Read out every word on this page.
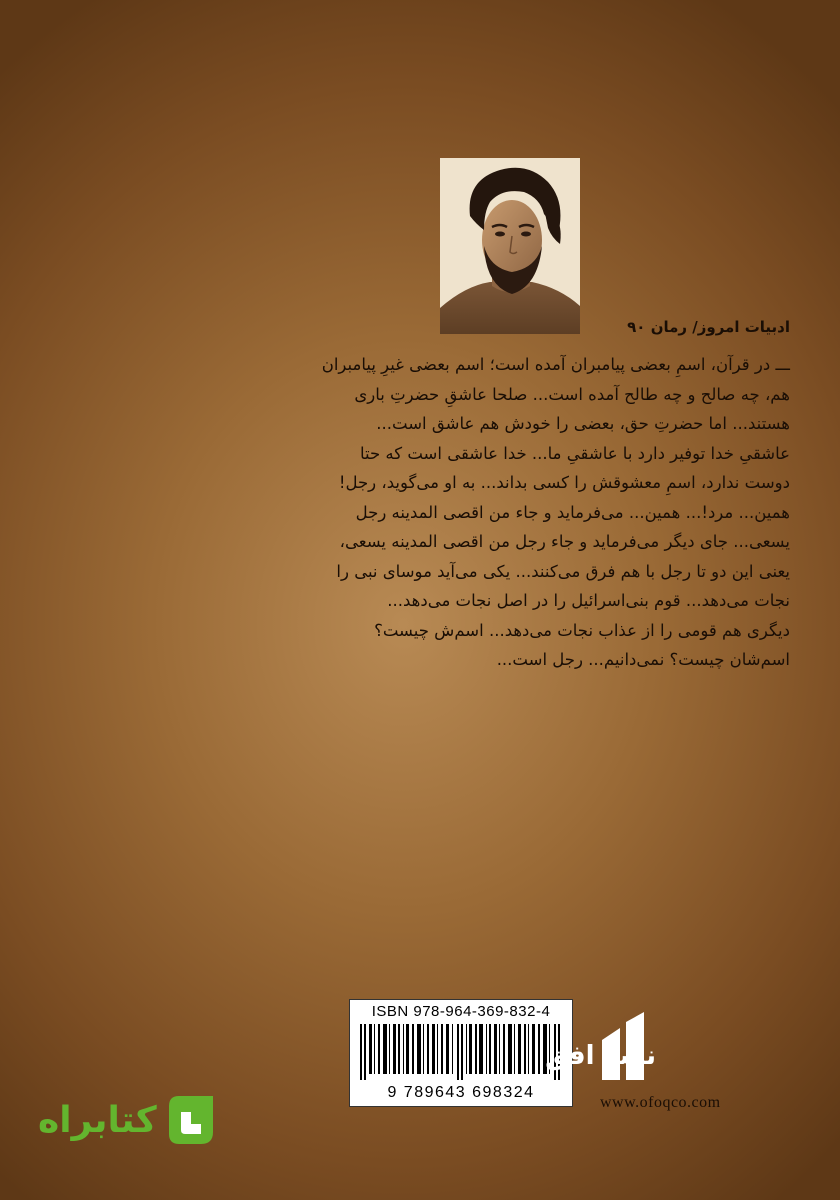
ادبیات امروز/ رمان ۹۰
ـــ در قرآن، اسمِ بعضی پیامبران آمده است؛ اسم بعضی غیرِ پیامبران
هم، چه صالح و چه طالح آمده است... صلحا عاشقِ حضرتِ باری
هستند... اما حضرتِ حق، بعضی را خودش هم عاشق است...
عاشقیِ خدا توفیر دارد با عاشقیِ ما... خدا عاشقی است که حتا
دوست ندارد، اسمِ معشوقش را کسی بداند... به او می‌گوید، رجل!
همین... مرد!... همین... می‌فرماید و جاء من اقصی المدینه رجل
یسعی... جای دیگر می‌فرماید و جاء رجل من اقصی المدینه یسعی،
یعنی این دو تا رجل با هم فرق می‌کنند... یکی می‌آید موسای نبی را
نجات می‌دهد... قوم بنی‌اسرائیل را در اصل نجات می‌دهد...
دیگری هم قومی را از عذاب نجات می‌دهد... اسم‌ش چیست؟
اسم‌شان چیست؟ نمی‌دانیم... رجل است...
ISBN 978-964-369-832-4
9 789643 698324
نشر افق
www.ofoqco.com
کتابراه
